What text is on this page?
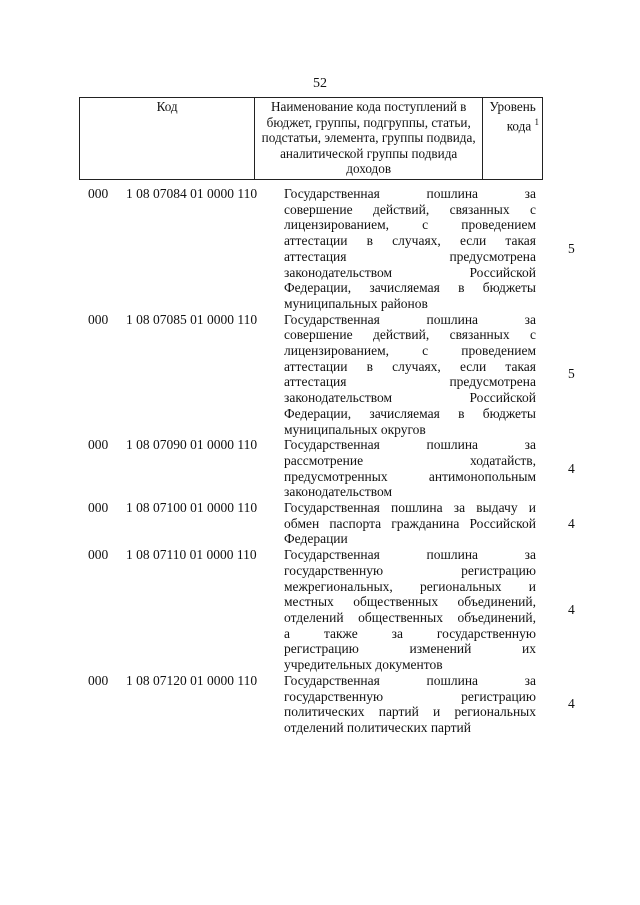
52
Код	Наименование кода поступлений в бюджет, группы, подгруппы, статьи, подстатьи, элемента, группы подвида, аналитической группы подвида доходов	
Уровень
кода $^1$
000 1 08 07084 01 0000 110 Государственная пошлина за
совершение действий, связанных с
лицензированием, с проведением
аттестации в случаях, если такая
аттестация предусмотрена
законодательством Российской
Федерации, зачисляемая в бюджеты
муниципальных районов
5
000 1 08 07085 01 0000 110 Государственная пошлина за
совершение действий, связанных с
лицензированием, с проведением
аттестации в случаях, если такая
аттестация предусмотрена
законодательством Российской
Федерации, зачисляемая в бюджеты
муниципальных округов
5
000 1 08 07090 01 0000 110 Государственная пошлина за
рассмотрение ходатайств,
предусмотренных антимонопольным
законодательством
4
000 1 08 07100 01 0000 110 Государственная пошлина за выдачу и
обмен паспорта гражданина Российской
Федерации
4
000 1 08 07110 01 0000 110 Государственная пошлина за
государственную регистрацию
межрегиональных, региональных и
местных общественных объединений,
отделений общественных объединений,
а также за государственную
регистрацию изменений их
учредительных документов
4
000 1 08 07120 01 0000 110 Государственная пошлина за
государственную регистрацию
политических партий и региональных
отделений политических партий
4
